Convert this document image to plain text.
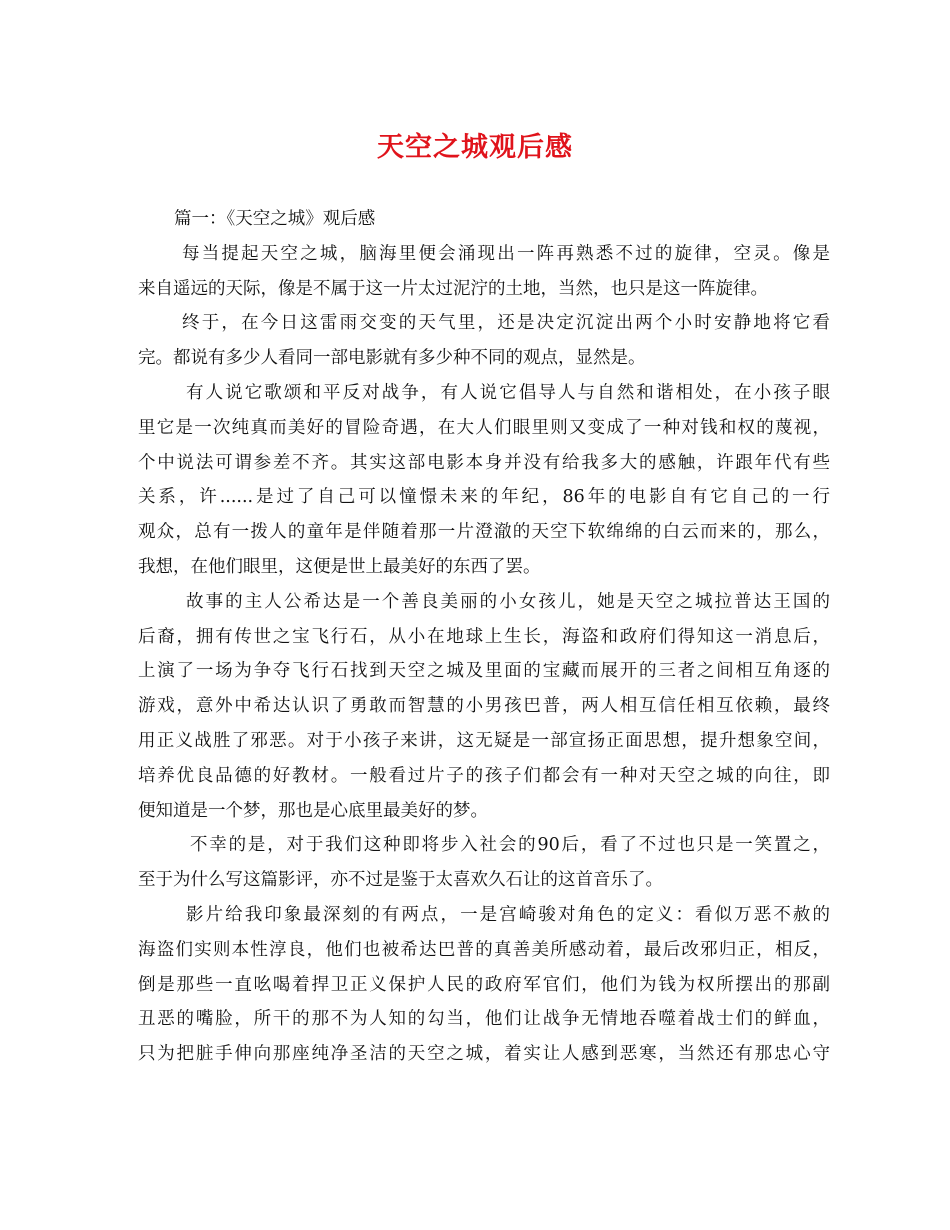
天空之城观后感
篇一：《天空之城》观后感
每当提起天空之城，脑海里便会涌现出一阵再熟悉不过的旋律，空灵。像是
来自遥远的天际，像是不属于这一片太过泥泞的土地，当然，也只是这一阵旋律。
终于，在今日这雷雨交变的天气里，还是决定沉淀出两个小时安静地将它看
完。都说有多少人看同一部电影就有多少种不同的观点，显然是。
有人说它歌颂和平反对战争，有人说它倡导人与自然和谐相处，在小孩子眼
里它是一次纯真而美好的冒险奇遇，在大人们眼里则又变成了一种对钱和权的蔑视，
个中说法可谓参差不齐。其实这部电影本身并没有给我多大的感触，许跟年代有些
关系，许......是过了自己可以憧憬未来的年纪，86年的电影自有它自己的一行
观众，总有一拨人的童年是伴随着那一片澄澈的天空下软绵绵的白云而来的，那么，
我想，在他们眼里，这便是世上最美好的东西了罢。
故事的主人公希达是一个善良美丽的小女孩儿，她是天空之城拉普达王国的
后裔，拥有传世之宝飞行石，从小在地球上生长，海盗和政府们得知这一消息后，
上演了一场为争夺飞行石找到天空之城及里面的宝藏而展开的三者之间相互角逐的
游戏，意外中希达认识了勇敢而智慧的小男孩巴普，两人相互信任相互依赖，最终
用正义战胜了邪恶。对于小孩子来讲，这无疑是一部宣扬正面思想，提升想象空间，
培养优良品德的好教材。一般看过片子的孩子们都会有一种对天空之城的向往，即
便知道是一个梦，那也是心底里最美好的梦。
不幸的是，对于我们这种即将步入社会的90后，看了不过也只是一笑置之，
至于为什么写这篇影评，亦不过是鉴于太喜欢久石让的这首音乐了。
影片给我印象最深刻的有两点，一是宫崎骏对角色的定义：看似万恶不赦的
海盗们实则本性淳良，他们也被希达巴普的真善美所感动着，最后改邪归正，相反，
倒是那些一直吆喝着捍卫正义保护人民的政府军官们，他们为钱为权所摆出的那副
丑恶的嘴脸，所干的那不为人知的勾当，他们让战争无情地吞噬着战士们的鲜血，
只为把脏手伸向那座纯净圣洁的天空之城，着实让人感到恶寒，当然还有那忠心守
